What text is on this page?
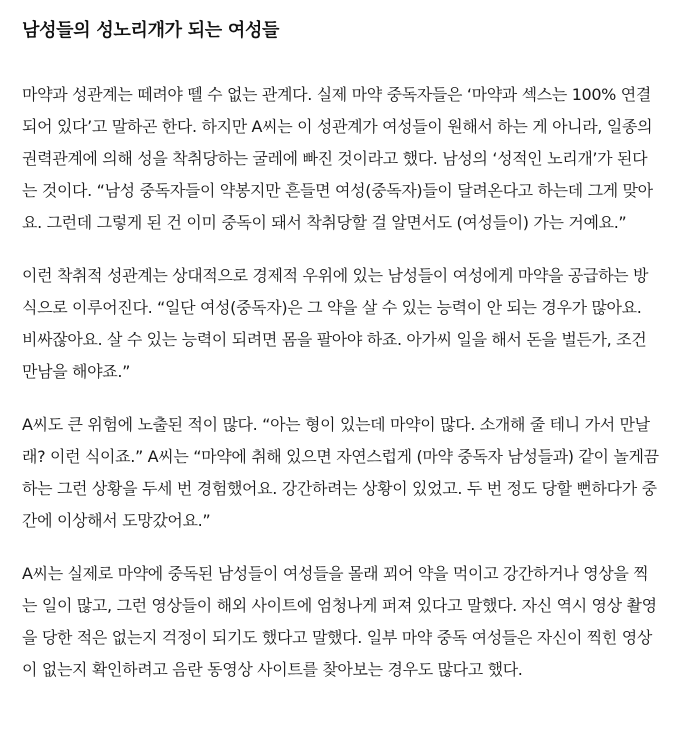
남성들의 성노리개가 되는 여성들

마약과 성관계는 떼려야 뗄 수 없는 관계다. 실제 마약 중독자들은 ‘마약과 섹스는 100% 연결되어 있다’고 말하곤 한다. 하지만 A씨는 이 성관계가 여성들이 원해서 하는 게 아니라, 일종의 권력관계에 의해 성을 착취당하는 굴레에 빠진 것이라고 했다. 남성의 ‘성적인 노리개’가 된다는 것이다. “남성 중독자들이 약봉지만 흔들면 여성(중독자)들이 달려온다고 하는데 그게 맞아요. 그런데 그렇게 된 건 이미 중독이 돼서 착취당할 걸 알면서도 (여성들이) 가는 거예요.”

이런 착취적 성관계는 상대적으로 경제적 우위에 있는 남성들이 여성에게 마약을 공급하는 방식으로 이루어진다. “일단 여성(중독자)은 그 약을 살 수 있는 능력이 안 되는 경우가 많아요. 비싸잖아요. 살 수 있는 능력이 되려면 몸을 팔아야 하죠. 아가씨 일을 해서 돈을 벌든가, 조건만남을 해야죠.”

A씨도 큰 위험에 노출된 적이 많다. “아는 형이 있는데 마약이 많다. 소개해 줄 테니 가서 만날래? 이런 식이죠.” A씨는 “마약에 취해 있으면 자연스럽게 (마약 중독자 남성들과) 같이 놀게끔 하는 그런 상황을 두세 번 경험했어요. 강간하려는 상황이 있었고. 두 번 정도 당할 뻔하다가 중간에 이상해서 도망갔어요.”

A씨는 실제로 마약에 중독된 남성들이 여성들을 몰래 꾀어 약을 먹이고 강간하거나 영상을 찍는 일이 많고, 그런 영상들이 해외 사이트에 엄청나게 퍼져 있다고 말했다. 자신 역시 영상 촬영을 당한 적은 없는지 걱정이 되기도 했다고 말했다. 일부 마약 중독 여성들은 자신이 찍힌 영상이 없는지 확인하려고 음란 동영상 사이트를 찾아보는 경우도 많다고 했다.
